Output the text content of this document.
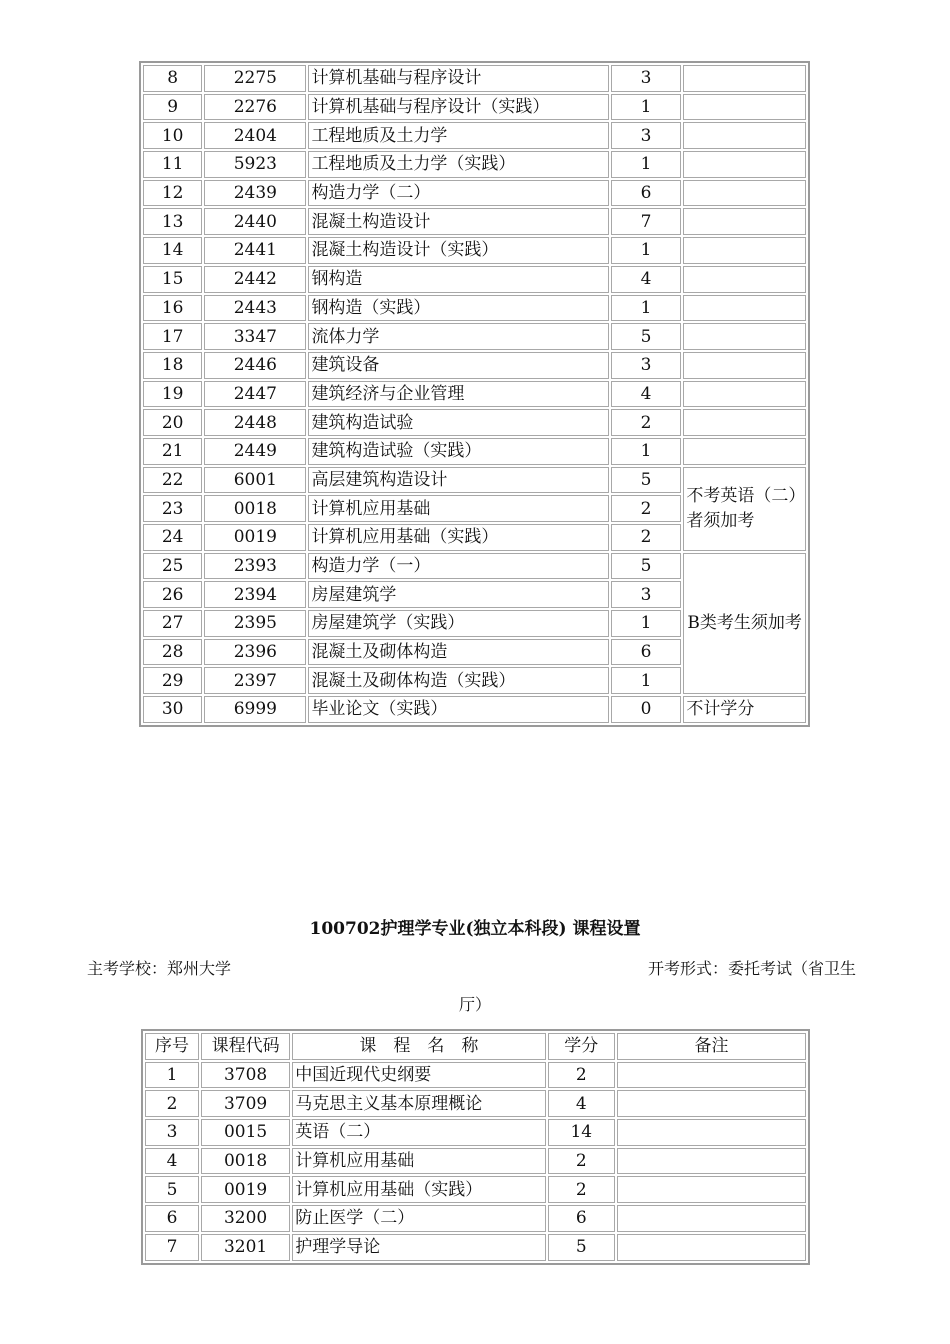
8	2275	计算机基础与程序设计	3	
9	2276	计算机基础与程序设计（实践）	1	
10	2404	工程地质及土力学	3	
11	5923	工程地质及土力学（实践）	1	
12	2439	构造力学（二）	6	
13	2440	混凝土构造设计	7	
14	2441	混凝土构造设计（实践）	1	
15	2442	钢构造	4	
16	2443	钢构造（实践）	1	
17	3347	流体力学	5	
18	2446	建筑设备	3	
19	2447	建筑经济与企业管理	4	
20	2448	建筑构造试验	2	
21	2449	建筑构造试验（实践）	1	
22	6001	高层建筑构造设计	5	不考英语（二）者须加考
23	0018	计算机应用基础	2	
24	0019	计算机应用基础（实践）	2	
25	2393	构造力学（一）	5	B类考生须加考
26	2394	房屋建筑学	3	
27	2395	房屋建筑学（实践）	1	
28	2396	混凝土及砌体构造	6	
29	2397	混凝土及砌体构造（实践）	1	
30	6999	毕业论文（实践）	0	不计学分
100702护理学专业(独立本科段) 课程设置
主考学校：郑州大学	开考形式：委托考试（省卫生
厅）
序号	课程代码	课　程　名　称	学分	备注
1	3708	中国近现代史纲要	2	
2	3709	马克思主义基本原理概论	4	
3	0015	英语（二）	14	
4	0018	计算机应用基础	2	
5	0019	计算机应用基础（实践）	2	
6	3200	防止医学（二）	6	
7	3201	护理学导论	5	
